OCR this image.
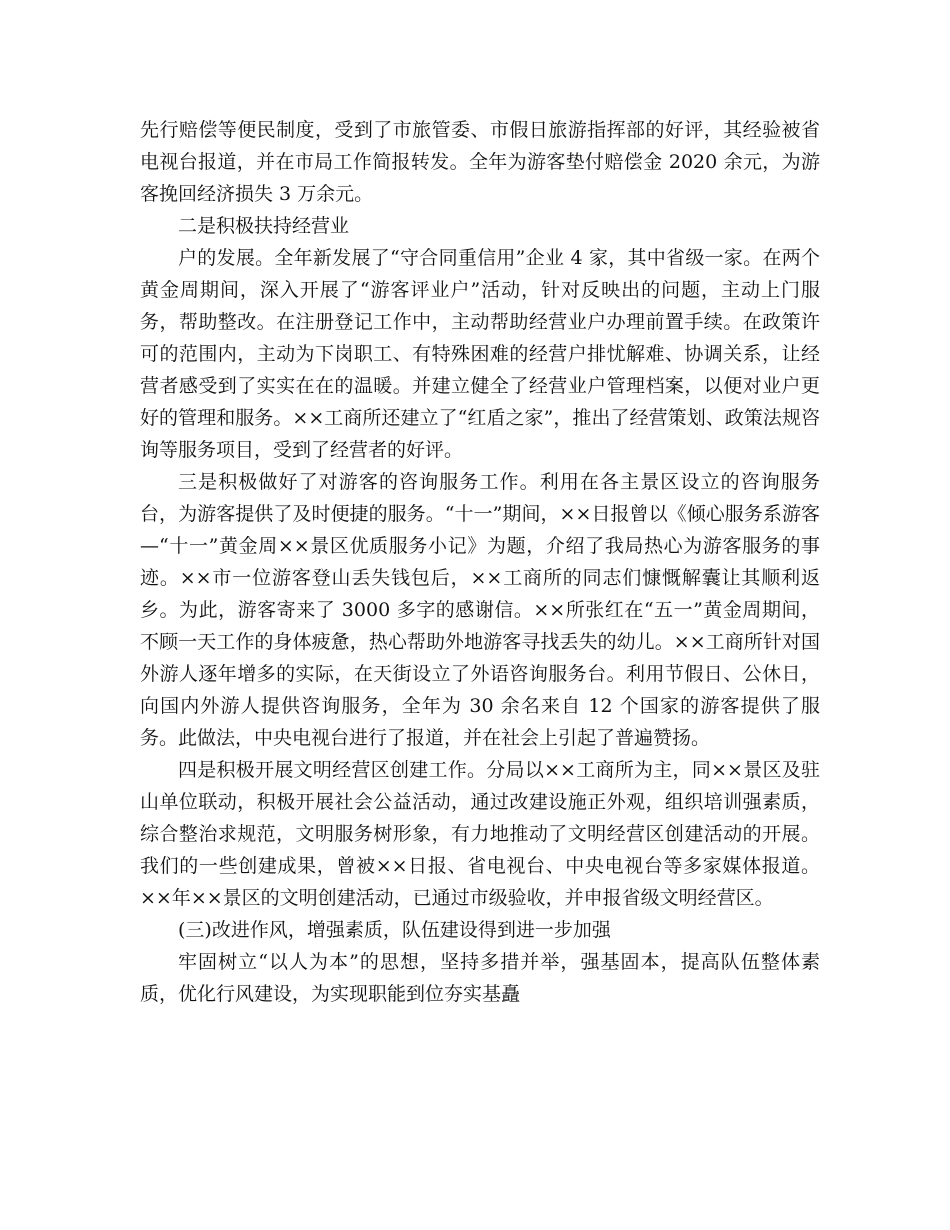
先行赔偿等便民制度，受到了市旅管委、市假日旅游指挥部的好评，其经验被省电视台报道，并在市局工作简报转发。全年为游客垫付赔偿金 2020 余元，为游客挽回经济损失 3 万余元。

二是积极扶持经营业

户的发展。全年新发展了“守合同重信用”企业 4 家，其中省级一家。在两个黄金周期间，深入开展了“游客评业户”活动，针对反映出的问题，主动上门服务，帮助整改。在注册登记工作中，主动帮助经营业户办理前置手续。在政策许可的范围内，主动为下岗职工、有特殊困难的经营户排忧解难、协调关系，让经营者感受到了实实在在的温暖。并建立健全了经营业户管理档案，以便对业户更好的管理和服务。××工商所还建立了“红盾之家”，推出了经营策划、政策法规咨询等服务项目，受到了经营者的好评。

三是积极做好了对游客的咨询服务工作。利用在各主景区设立的咨询服务台，为游客提供了及时便捷的服务。“十一”期间，××日报曾以《倾心服务系游客—“十一”黄金周××景区优质服务小记》为题，介绍了我局热心为游客服务的事迹。××市一位游客登山丢失钱包后，××工商所的同志们慷慨解囊让其顺利返乡。为此，游客寄来了 3000 多字的感谢信。××所张红在“五一”黄金周期间，不顾一天工作的身体疲惫，热心帮助外地游客寻找丢失的幼儿。××工商所针对国外游人逐年增多的实际，在天街设立了外语咨询服务台。利用节假日、公休日，向国内外游人提供咨询服务，全年为 30 余名来自 12 个国家的游客提供了服务。此做法，中央电视台进行了报道，并在社会上引起了普遍赞扬。

四是积极开展文明经营区创建工作。分局以××工商所为主，同××景区及驻山单位联动，积极开展社会公益活动，通过改建设施正外观，组织培训强素质，综合整治求规范，文明服务树形象，有力地推动了文明经营区创建活动的开展。我们的一些创建成果，曾被××日报、省电视台、中央电视台等多家媒体报道。××年××景区的文明创建活动，已通过市级验收，并申报省级文明经营区。

(三)改进作风，增强素质，队伍建设得到进一步加强

牢固树立“以人为本”的思想，坚持多措并举，强基固本，提高队伍整体素质，优化行风建设，为实现职能到位夯实基矗
